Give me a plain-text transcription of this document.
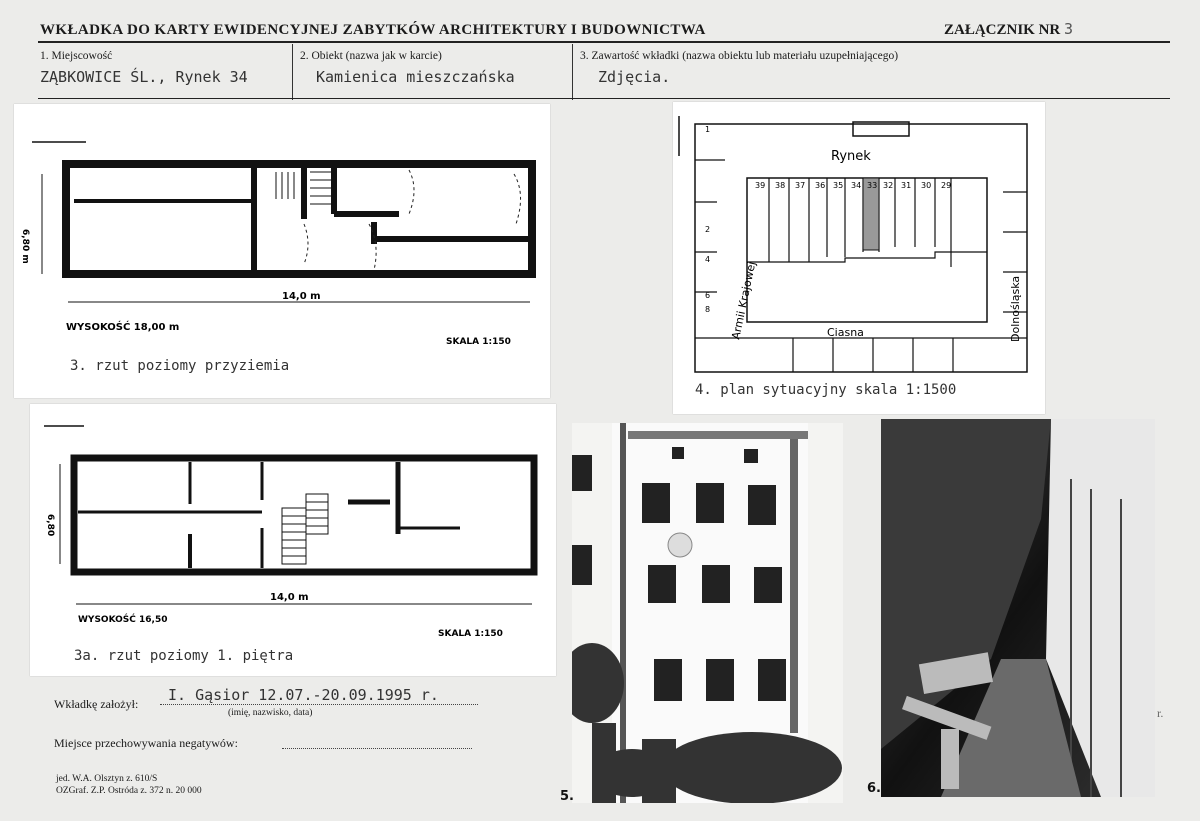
WKŁADKA DO KARTY EWIDENCYJNEJ ZABYTKÓW ARCHITEKTURY I BUDOWNICTWA	ZAŁĄCZNIK NR 3
1. Miejscowość
ZĄBKOWICE ŚL., Rynek 34
2. Obiekt (nazwa jak w karcie)
Kamienica mieszczańska
3. Zawartość wkładki (nazwa obiektu lub materiału uzupełniającego)
Zdjęcia.
6,80 m
14,0 m
WYSOKOŚĆ 18,00 m
SKALA 1:150
3. rzut poziomy przyziemia
6,80
14,0 m
WYSOKOŚĆ 16,50
SKALA 1:150
3a. rzut poziomy 1. piętra
Rynek
Armii Krajowej	Dolnośląska
Ciasna
39 38 37 36 35 34 33 32 31 30 29
1
2
4
6
8
4. plan sytuacyjny skala 1:1500
5.
6.
r.
Wkładkę założył: I. Gąsior 12.07.-20.09.1995 r.
(imię, nazwisko, data)
Miejsce przechowywania negatywów:
jed. W.A. Olsztyn z. 610/S
OZGraf. Z.P. Ostróda z. 372 n. 20 000
